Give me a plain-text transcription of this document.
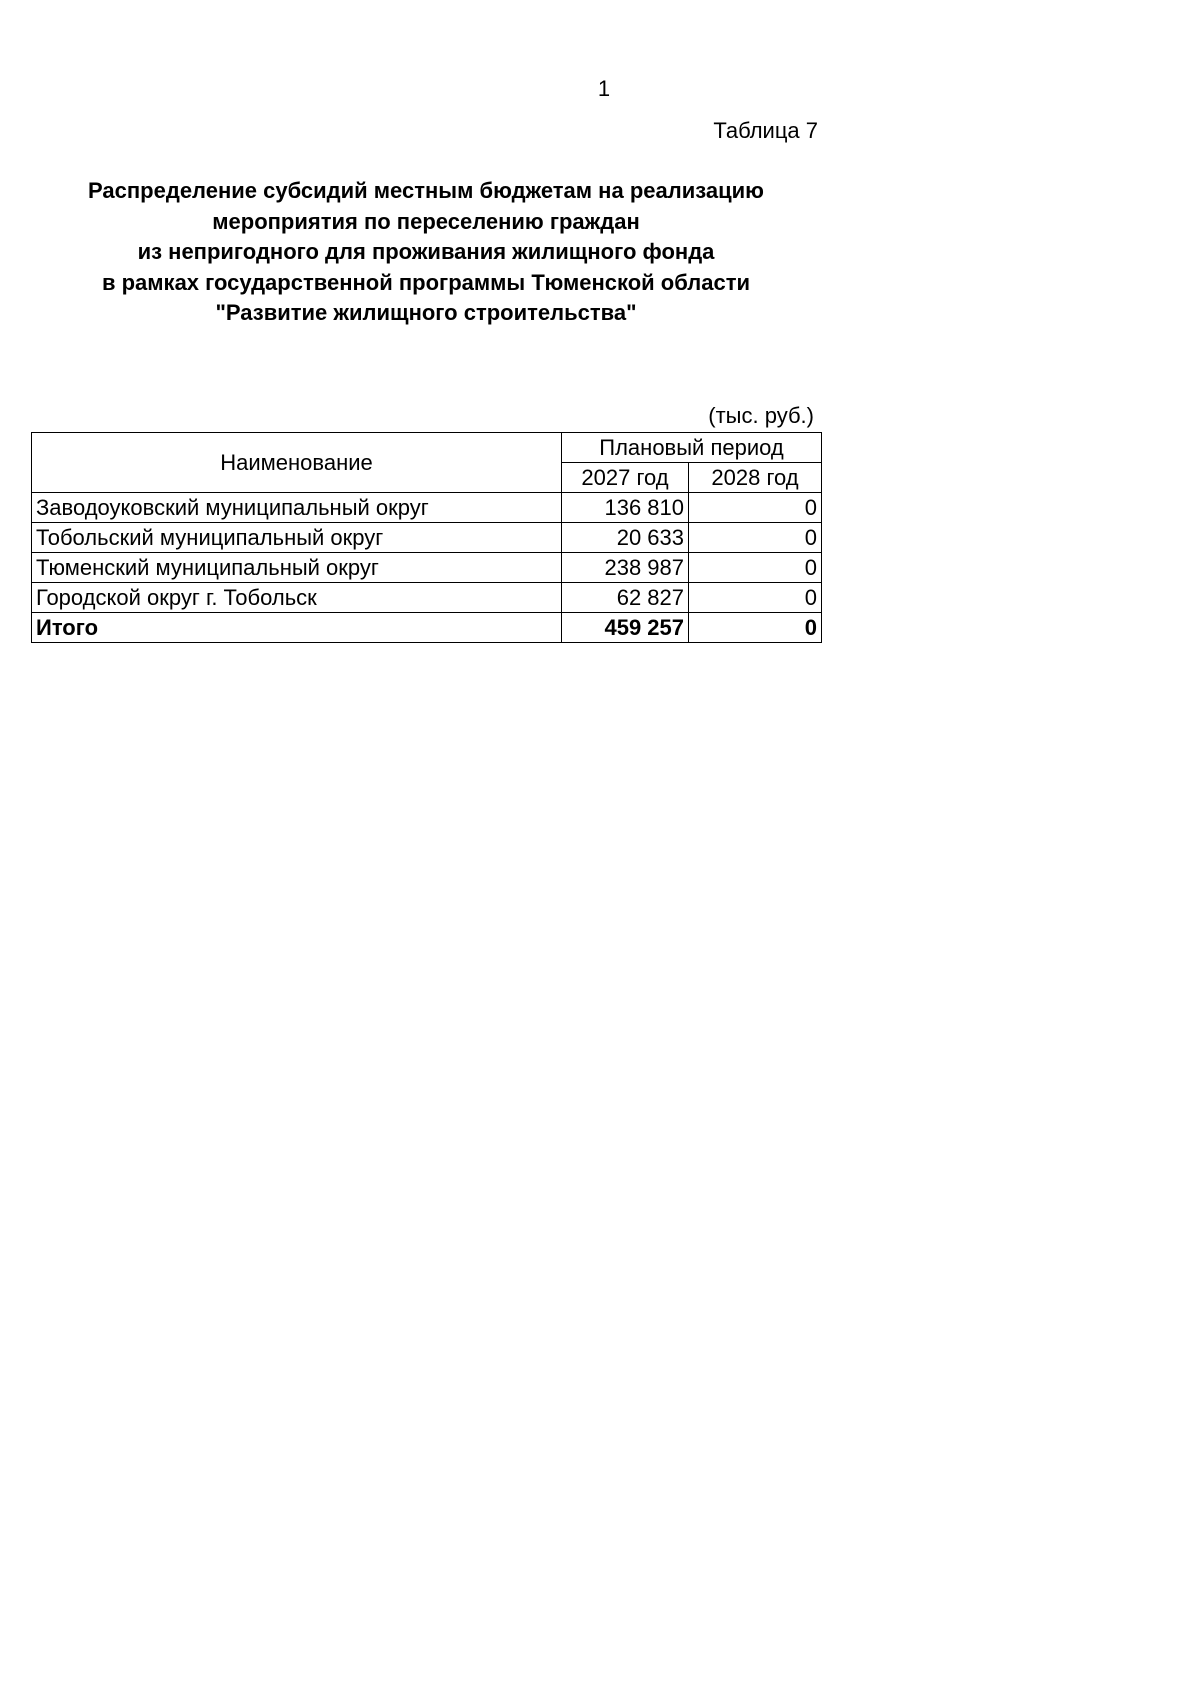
1
Таблица 7
Распределение субсидий местным бюджетам на реализацию
мероприятия по переселению граждан
из непригодного для проживания жилищного фонда
в рамках государственной программы Тюменской области
"Развитие жилищного строительства"
(тыс. руб.)
Наименование	Плановый период	
	2027 год	2028 год
Заводоуковский муниципальный округ	136 810	0
Тобольский муниципальный округ	20 633	0
Тюменский муниципальный округ	238 987	0
Городской округ г. Тобольск	62 827	0
Итого	459 257	0
